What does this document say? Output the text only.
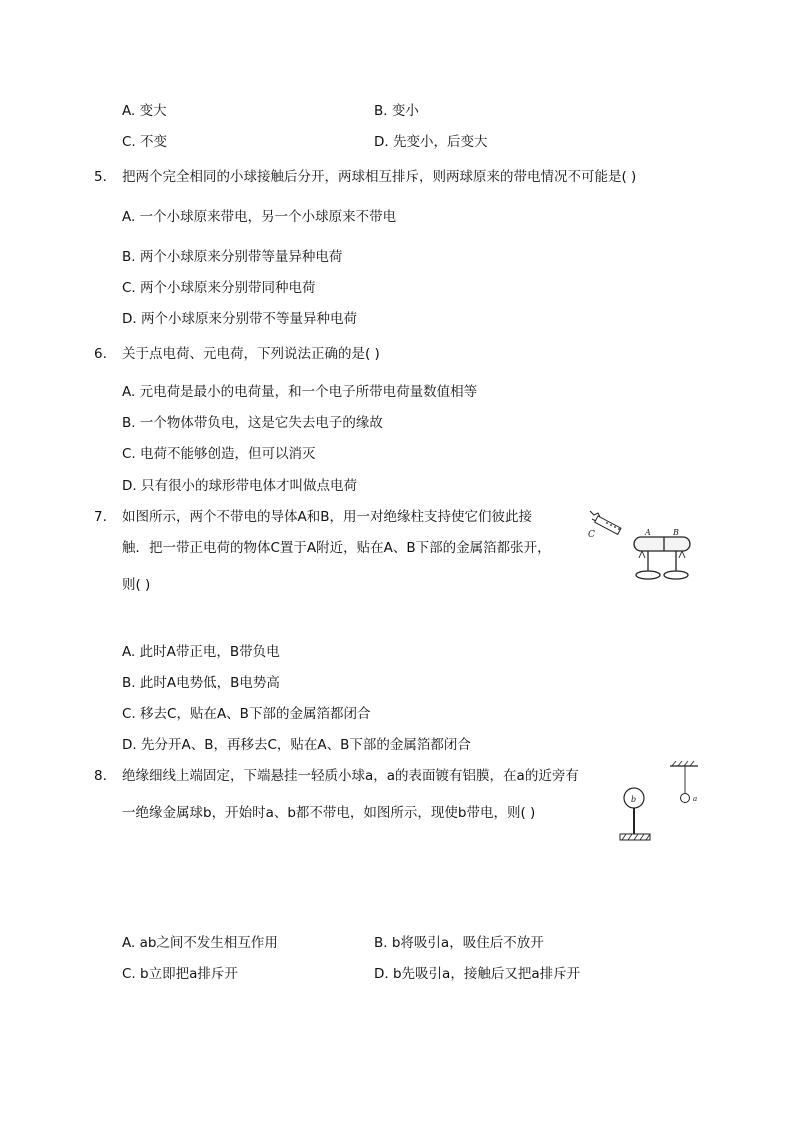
A. 变大	B. 变小
C. 不变	D. 先变小，后变大
5. 把两个完全相同的小球接触后分开，两球相互排斥，则两球原来的带电情况不可能是( )
A. 一个小球原来带电，另一个小球原来不带电
B. 两个小球原来分别带等量异种电荷
C. 两个小球原来分别带同种电荷
D. 两个小球原来分别带不等量异种电荷
6. 关于点电荷、元电荷，下列说法正确的是( )
A. 元电荷是最小的电荷量，和一个电子所带电荷量数值相等
B. 一个物体带负电，这是它失去电子的缘故
C. 电荷不能够创造，但可以消灭
D. 只有很小的球形带电体才叫做点电荷
7. 如图所示，两个不带电的导体A和B，用一对绝缘柱支持使它们彼此接
触．把一带正电荷的物体C置于A附近，贴在A、B下部的金属箔都张开，
则( )
C	A	B
A. 此时A带正电，B带负电
B. 此时A电势低，B电势高
C. 移去C，贴在A、B下部的金属箔都闭合
D. 先分开A、B，再移去C，贴在A、B下部的金属箔都闭合
8. 绝缘细线上端固定，下端悬挂一轻质小球a，a的表面镀有铝膜，在a的近旁有
一绝缘金属球b，开始时a、b都不带电，如图所示，现使b带电，则( )
a
b
A. ab之间不发生相互作用	B. b将吸引a，吸住后不放开
C. b立即把a排斥开	D. b先吸引a，接触后又把a排斥开
